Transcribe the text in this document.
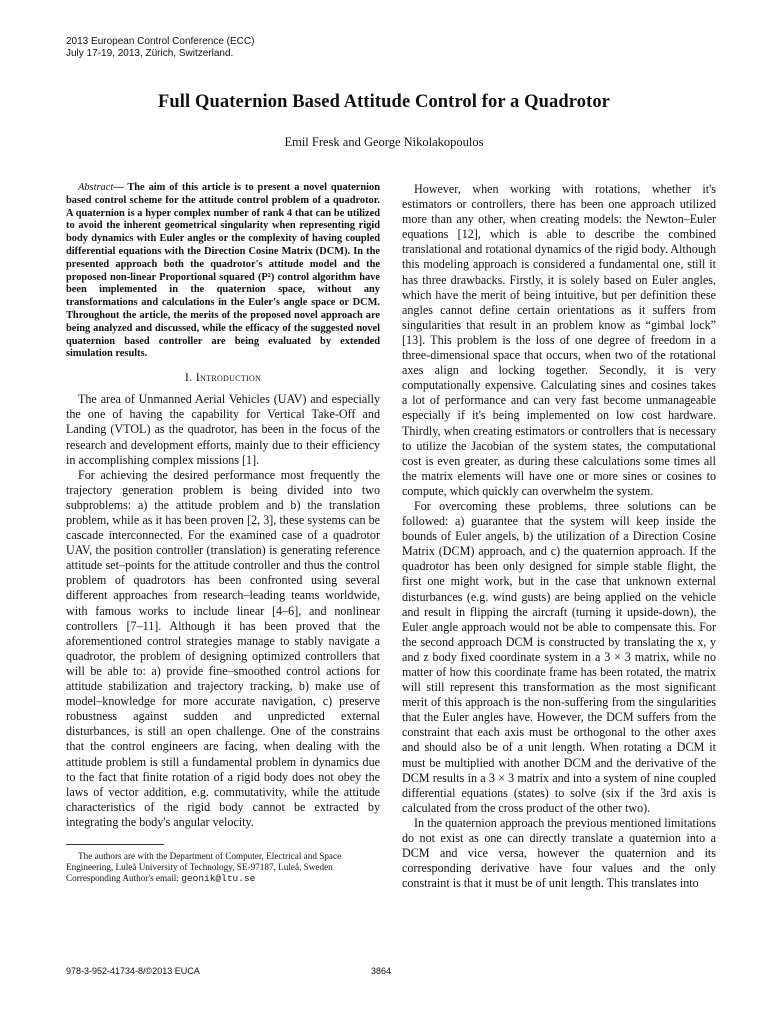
2013 European Control Conference (ECC)
July 17-19, 2013, Zürich, Switzerland.
Full Quaternion Based Attitude Control for a Quadrotor
Emil Fresk and George Nikolakopoulos

Abstract— The aim of this article is to present a novel quaternion based control scheme for the attitude control problem of a quadrotor. A quaternion is a hyper complex number of rank 4 that can be utilized to avoid the inherent geometrical singularity when representing rigid body dynamics with Euler angles or the complexity of having coupled differential equations with the Direction Cosine Matrix (DCM). In the presented approach both the quadrotor's attitude model and the proposed non-linear Proportional squared (P²) control algorithm have been implemented in the quaternion space, without any transformations and calculations in the Euler's angle space or DCM. Throughout the article, the merits of the proposed novel approach are being analyzed and discussed, while the efficacy of the suggested novel quaternion based controller are being evaluated by extended simulation results.

I. Introduction

The area of Unmanned Aerial Vehicles (UAV) and especially the one of having the capability for Vertical Take-Off and Landing (VTOL) as the quadrotor, has been in the focus of the research and development efforts, mainly due to their efficiency in accomplishing complex missions [1].

For achieving the desired performance most frequently the trajectory generation problem is being divided into two subproblems: a) the attitude problem and b) the translation problem, while as it has been proven [2, 3], these systems can be cascade interconnected. For the examined case of a quadrotor UAV, the position controller (translation) is generating reference attitude set–points for the attitude controller and thus the control problem of quadrotors has been confronted using several different approaches from research–leading teams worldwide, with famous works to include linear [4–6], and nonlinear controllers [7–11]. Although it has been proved that the aforementioned control strategies manage to stably navigate a quadrotor, the problem of designing optimized controllers that will be able to: a) provide fine–smoothed control actions for attitude stabilization and trajectory tracking, b) make use of model–knowledge for more accurate navigation, c) preserve robustness against sudden and unpredicted external disturbances, is still an open challenge. One of the constrains that the control engineers are facing, when dealing with the attitude problem is still a fundamental problem in dynamics due to the fact that finite rotation of a rigid body does not obey the laws of vector addition, e.g. commutativity, while the attitude characteristics of the rigid body cannot be extracted by integrating the body's angular velocity.

The authors are with the Department of Computer, Electrical and Space Engineering, Luleå University of Technology, SE-97187, Luleå, Sweden Corresponding Author's email: geonik@ltu.se

However, when working with rotations, whether it's estimators or controllers, there has been one approach utilized more than any other, when creating models: the Newton–Euler equations [12], which is able to describe the combined translational and rotational dynamics of the rigid body. Although this modeling approach is considered a fundamental one, still it has three drawbacks. Firstly, it is solely based on Euler angles, which have the merit of being intuitive, but per definition these angles cannot define certain orientations as it suffers from singularities that result in an problem know as “gimbal lock” [13]. This problem is the loss of one degree of freedom in a three-dimensional space that occurs, when two of the rotational axes align and locking together. Secondly, it is very computationally expensive. Calculating sines and cosines takes a lot of performance and can very fast become unmanageable especially if it's being implemented on low cost hardware. Thirdly, when creating estimators or controllers that is necessary to utilize the Jacobian of the system states, the computational cost is even greater, as during these calculations some times all the matrix elements will have one or more sines or cosines to compute, which quickly can overwhelm the system.

For overcoming these problems, three solutions can be followed: a) guarantee that the system will keep inside the bounds of Euler angels, b) the utilization of a Direction Cosine Matrix (DCM) approach, and c) the quaternion approach. If the quadrotor has been only designed for simple stable flight, the first one might work, but in the case that unknown external disturbances (e.g. wind gusts) are being applied on the vehicle and result in flipping the aircraft (turning it upside-down), the Euler angle approach would not be able to compensate this. For the second approach DCM is constructed by translating the x, y and z body fixed coordinate system in a 3 × 3 matrix, while no matter of how this coordinate frame has been rotated, the matrix will still represent this transformation as the most significant merit of this approach is the non-suffering from the singularities that the Euler angles have. However, the DCM suffers from the constraint that each axis must be orthogonal to the other axes and should also be of a unit length. When rotating a DCM it must be multiplied with another DCM and the derivative of the DCM results in a 3 × 3 matrix and into a system of nine coupled differential equations (states) to solve (six if the 3rd axis is calculated from the cross product of the other two).

In the quaternion approach the previous mentioned limitations do not exist as one can directly translate a quaternion into a DCM and vice versa, however the quaternion and its corresponding derivative have four values and the only constraint is that it must be of unit length. This translates into

978-3-952-41734-8/©2013 EUCA	3864
